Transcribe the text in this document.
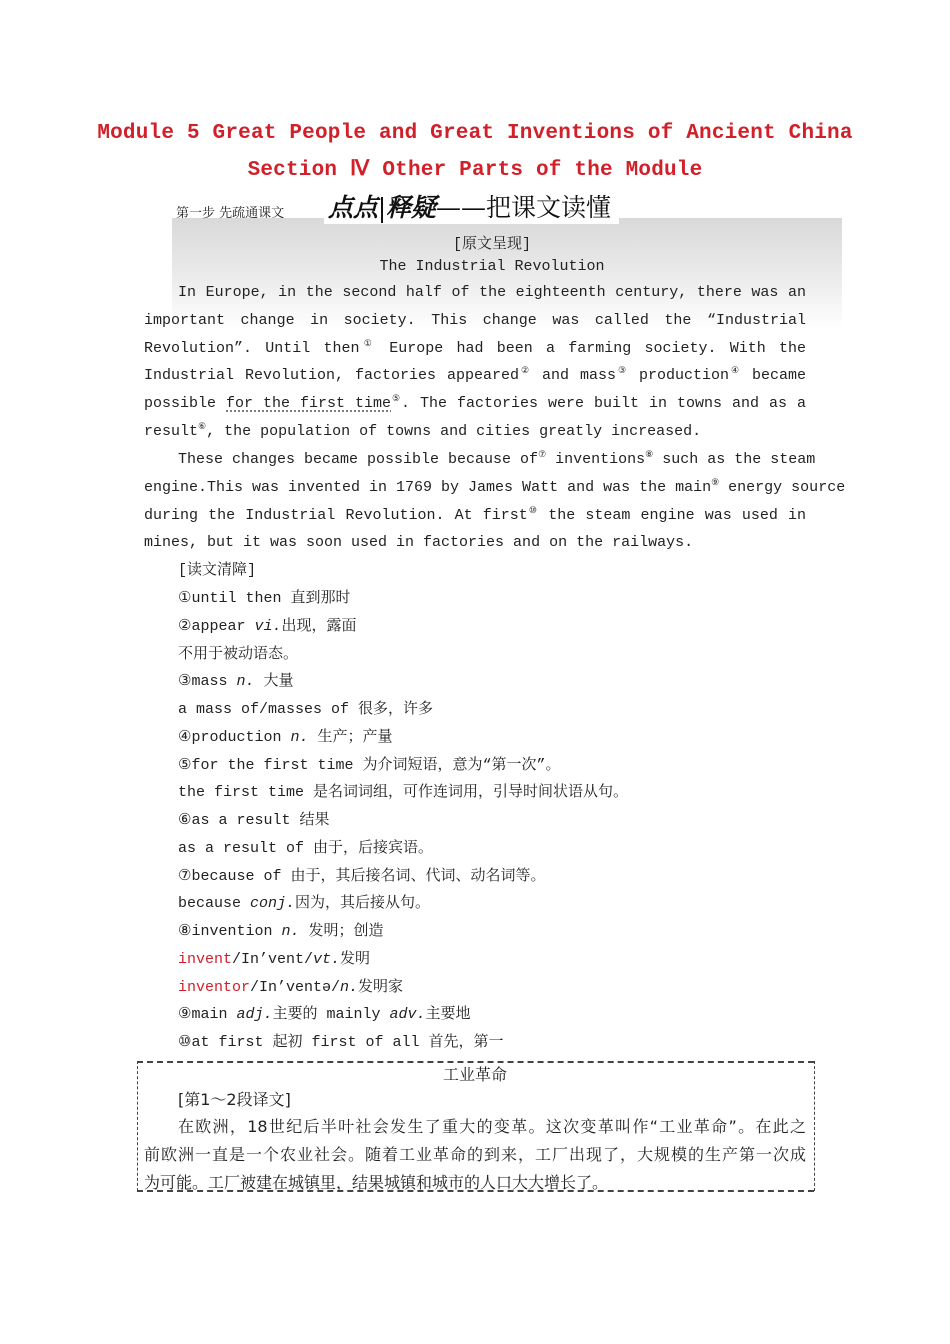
Module 5 Great People and Great Inventions of Ancient China
Section Ⅳ Other Parts of the Module
第一步 先疏通课文 点点 释疑——把课文读懂
[原文呈现]
The Industrial Revolution
In Europe, in the second half of the eighteenth century, there was an
important change in society. This change was called the “Industrial
Revolution”. Until then① Europe had been a farming society. With the
Industrial Revolution, factories appeared② and mass③ production④ became
possible for the first time⑤. The factories were built in towns and as a
result⑥, the population of towns and cities greatly increased.
These changes became possible because of⑦ inventions⑧ such as the steam
engine.This was invented in 1769 by James Watt and was the main⑨ energy source
during the Industrial Revolution. At first⑩ the steam engine was used in
mines, but it was soon used in factories and on the railways.
[读文清障]
①until then 直到那时
②appear vi.出现，露面
不用于被动语态。
③mass n. 大量
a mass of/masses of 很多，许多
④production n. 生产；产量
⑤for the first time 为介词短语，意为“第一次”。
the first time 是名词词组，可作连词用，引导时间状语从句。
⑥as a result 结果
as a result of 由于，后接宾语。
⑦because of 由于，其后接名词、代词、动名词等。
because conj.因为，其后接从句。
⑧invention n. 发明；创造
invent/In’vent/vt.发明
inventor/In’ventə/n.发明家
⑨main adj.主要的 mainly adv.主要地
⑩at first 起初 first of all 首先，第一
工业革命
[第1～2段译文]
在欧洲，18世纪后半叶社会发生了重大的变革。这次变革叫作“工业革命”。在此之
前欧洲一直是一个农业社会。随着工业革命的到来，工厂出现了，大规模的生产第一次成
为可能。工厂被建在城镇里，结果城镇和城市的人口大大增长了。
